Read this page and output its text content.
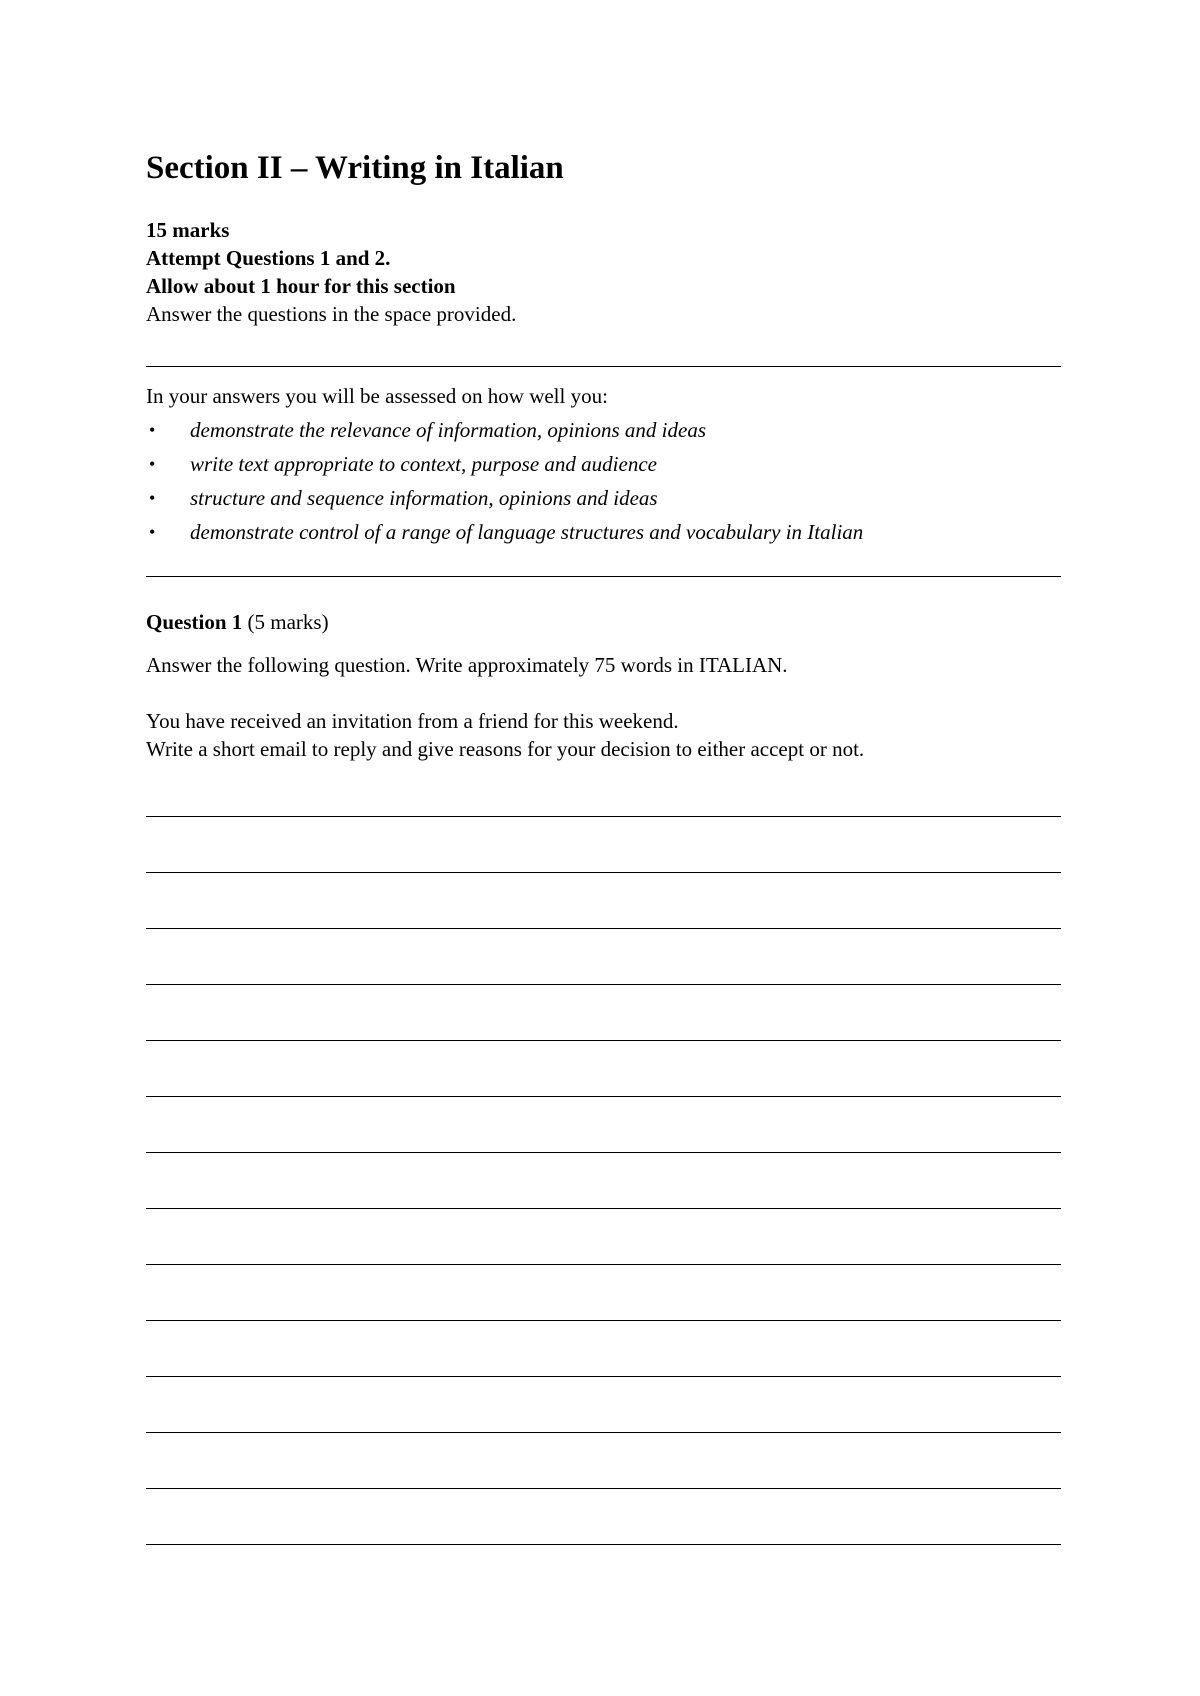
Section II – Writing in Italian
15 marks
Attempt Questions 1 and 2.
Allow about 1 hour for this section
Answer the questions in the space provided.
In your answers you will be assessed on how well you:
• demonstrate the relevance of information, opinions and ideas
• write text appropriate to context, purpose and audience
• structure and sequence information, opinions and ideas
• demonstrate control of a range of language structures and vocabulary in Italian
Question 1 (5 marks)
Answer the following question. Write approximately 75 words in ITALIAN.
You have received an invitation from a friend for this weekend.
Write a short email to reply and give reasons for your decision to either accept or not.
